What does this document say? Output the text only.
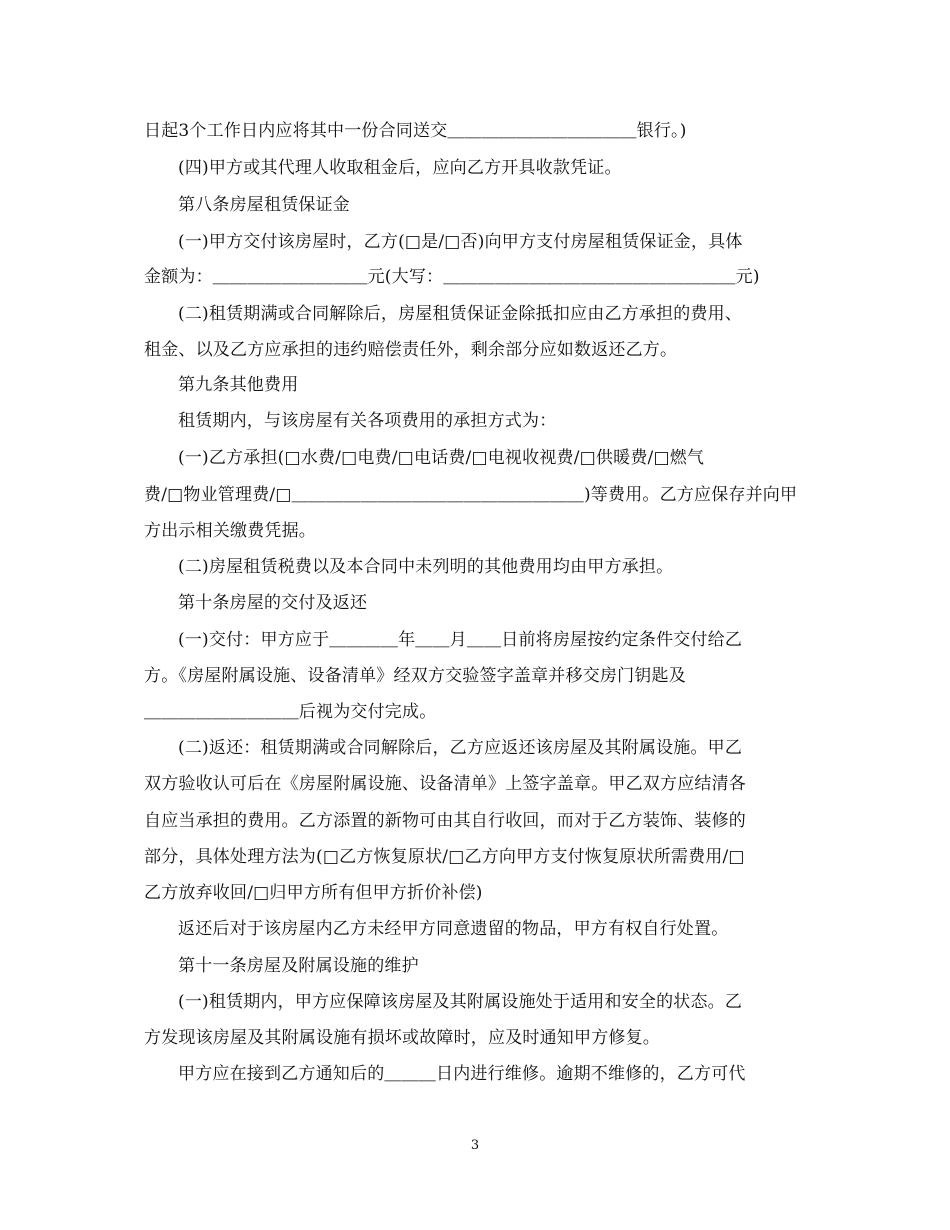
日起3个工作日内应将其中一份合同送交＿＿＿＿＿＿＿＿＿＿＿银行。)
(四)甲方或其代理人收取租金后，应向乙方开具收款凭证。
第八条房屋租赁保证金
(一)甲方交付该房屋时，乙方(□是/□否)向甲方支付房屋租赁保证金，具体
金额为：＿＿＿＿＿＿＿＿＿元(大写：＿＿＿＿＿＿＿＿＿＿＿＿＿＿＿＿＿元)
(二)租赁期满或合同解除后，房屋租赁保证金除抵扣应由乙方承担的费用、
租金、以及乙方应承担的违约赔偿责任外，剩余部分应如数返还乙方。
第九条其他费用
租赁期内，与该房屋有关各项费用的承担方式为：
(一)乙方承担(□水费/□电费/□电话费/□电视收视费/□供暖费/□燃气
费/□物业管理费/□＿＿＿＿＿＿＿＿＿＿＿＿＿＿＿＿＿)等费用。乙方应保存并向甲
方出示相关缴费凭据。
(二)房屋租赁税费以及本合同中未列明的其他费用均由甲方承担。
第十条房屋的交付及返还
(一)交付：甲方应于＿＿＿＿年＿＿月＿＿日前将房屋按约定条件交付给乙
方。《房屋附属设施、设备清单》经双方交验签字盖章并移交房门钥匙及
＿＿＿＿＿＿＿＿＿后视为交付完成。
(二)返还：租赁期满或合同解除后，乙方应返还该房屋及其附属设施。甲乙
双方验收认可后在《房屋附属设施、设备清单》上签字盖章。甲乙双方应结清各
自应当承担的费用。乙方添置的新物可由其自行收回，而对于乙方装饰、装修的
部分，具体处理方法为(□乙方恢复原状/□乙方向甲方支付恢复原状所需费用/□
乙方放弃收回/□归甲方所有但甲方折价补偿)
返还后对于该房屋内乙方未经甲方同意遗留的物品，甲方有权自行处置。
第十一条房屋及附属设施的维护
(一)租赁期内，甲方应保障该房屋及其附属设施处于适用和安全的状态。乙
方发现该房屋及其附属设施有损坏或故障时，应及时通知甲方修复。
甲方应在接到乙方通知后的＿＿＿日内进行维修。逾期不维修的，乙方可代
3
